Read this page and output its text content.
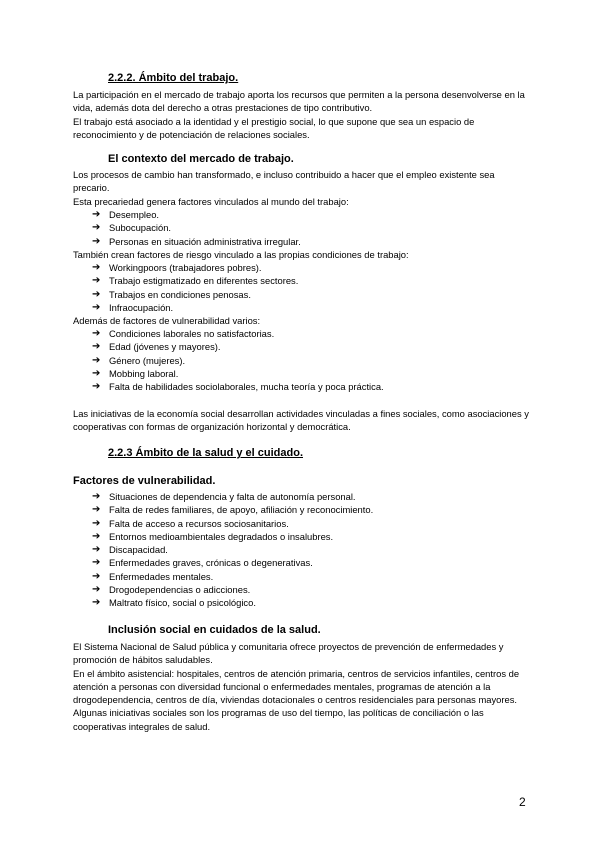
2.2.2. Ámbito del trabajo.

La participación en el mercado de trabajo aporta los recursos que permiten a la persona desenvolverse en la vida, además dota del derecho a otras prestaciones de tipo contributivo.

El trabajo está asociado a la identidad y el prestigio social, lo que supone que sea un espacio de reconocimiento y de potenciación de relaciones sociales.

El contexto del mercado de trabajo.
Los procesos de cambio han transformado, e incluso contribuido a hacer que el empleo existente sea precario.
Esta precariedad genera factores vinculados al mundo del trabajo:
➔ Desempleo.
➔ Subocupación.
➔ Personas en situación administrativa irregular.
También crean factores de riesgo vinculado a las propias condiciones de trabajo:
➔ Workingpoors (trabajadores pobres).
➔ Trabajo estigmatizado en diferentes sectores.
➔ Trabajos en condiciones penosas.
➔ Infraocupación.
Además de factores de vulnerabilidad varios:
➔ Condiciones laborales no satisfactorias.
➔ Edad (jóvenes y mayores).
➔ Género (mujeres).
➔ Mobbing laboral.
➔ Falta de habilidades sociolaborales, mucha teoría y poca práctica.
Las iniciativas de la economía social desarrollan actividades vinculadas a fines sociales, como asociaciones y cooperativas con formas de organización horizontal y democrática.
2.2.3 Ámbito de la salud y el cuidado.
Factores de vulnerabilidad.
➔ Situaciones de dependencia y falta de autonomía personal.
➔ Falta de redes familiares, de apoyo, afiliación y reconocimiento.
➔ Falta de acceso a recursos sociosanitarios.
➔ Entornos medioambientales degradados o insalubres.
➔ Discapacidad.
➔ Enfermedades graves, crónicas o degenerativas.
➔ Enfermedades mentales.
➔ Drogodependencias o adicciones.
➔ Maltrato físico, social o psicológico.
Inclusión social en cuidados de la salud.

El Sistema Nacional de Salud pública y comunitaria ofrece proyectos de prevención de enfermedades y promoción de hábitos saludables.

En el ámbito asistencial: hospitales, centros de atención primaria, centros de servicios infantiles, centros de atención a personas con diversidad funcional o enfermedades mentales, programas de atención a la drogodependencia, centros de día, viviendas dotacionales o centros residenciales para personas mayores.

Algunas iniciativas sociales son los programas de uso del tiempo, las políticas de conciliación o las cooperativas integrales de salud.

2
